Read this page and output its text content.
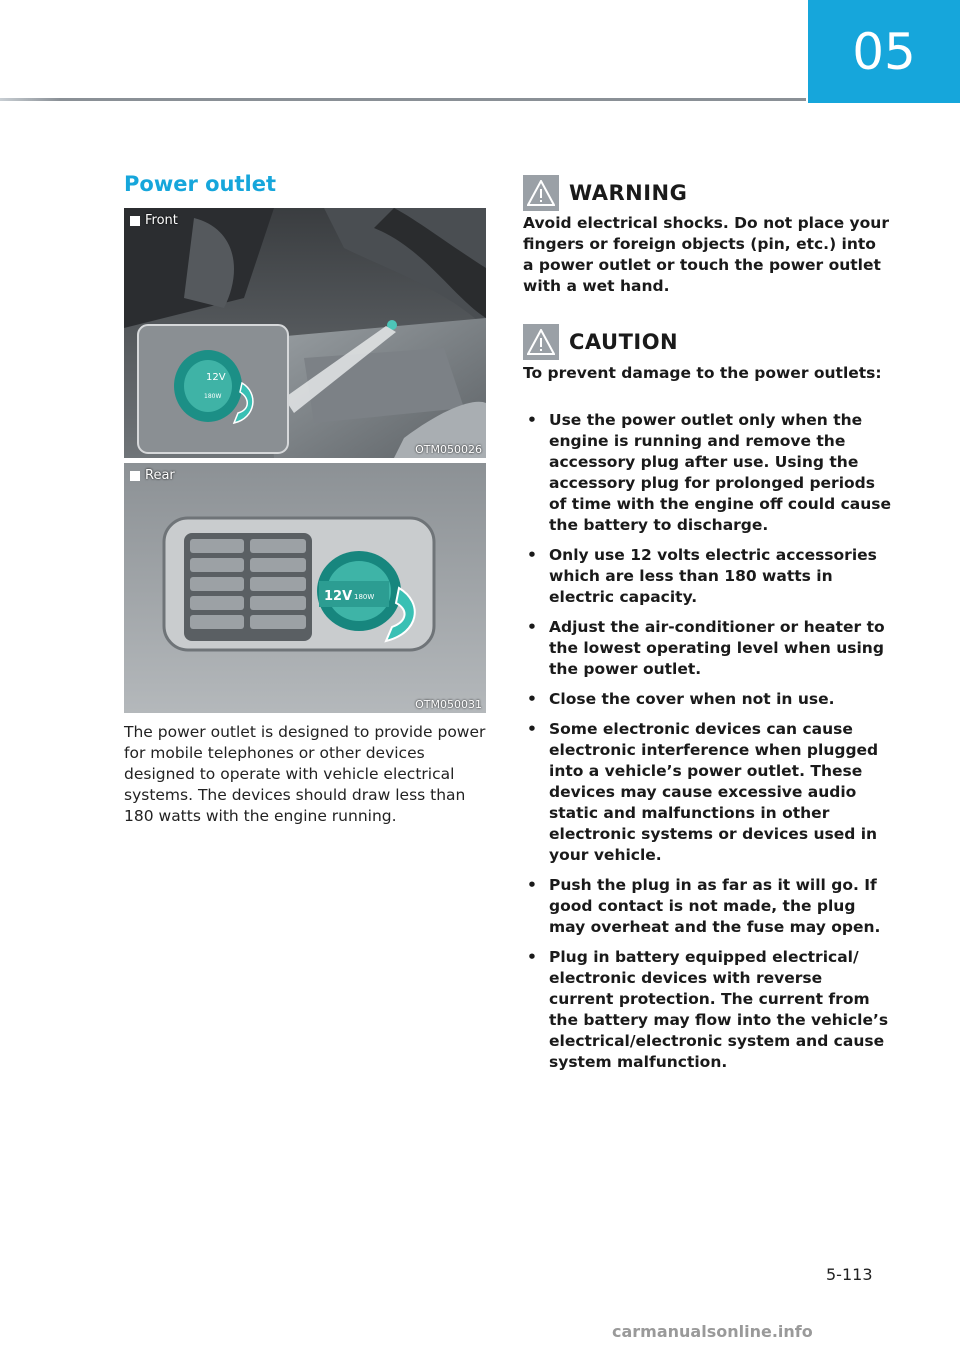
05
Power outlet
12V
180W
Front
OTM050026
12V 180W
Rear
OTM050031
The power outlet is designed to provide power for mobile telephones or other devices designed to operate with vehicle electrical systems. The devices should draw less than 180 watts with the engine running.
WARNING
Avoid electrical shocks. Do not place your fingers or foreign objects (pin, etc.) into a power outlet or touch the power outlet with a wet hand.
CAUTION
To prevent damage to the power outlets:
• Use the power outlet only when the engine is running and remove the accessory plug after use. Using the accessory plug for prolonged periods of time with the engine off could cause the battery to discharge.
• Only use 12 volts electric accessories which are less than 180 watts in electric capacity.
• Adjust the air-conditioner or heater to the lowest operating level when using the power outlet.
• Close the cover when not in use.
• Some electronic devices can cause electronic interference when plugged into a vehicle’s power outlet. These devices may cause excessive audio static and malfunctions in other electronic systems or devices used in your vehicle.
• Push the plug in as far as it will go. If good contact is not made, the plug may overheat and the fuse may open.
• Plug in battery equipped electrical/ electronic devices with reverse current protection. The current from the battery may flow into the vehicle’s electrical/electronic system and cause system malfunction.
5-113
carmanualsonline.info
